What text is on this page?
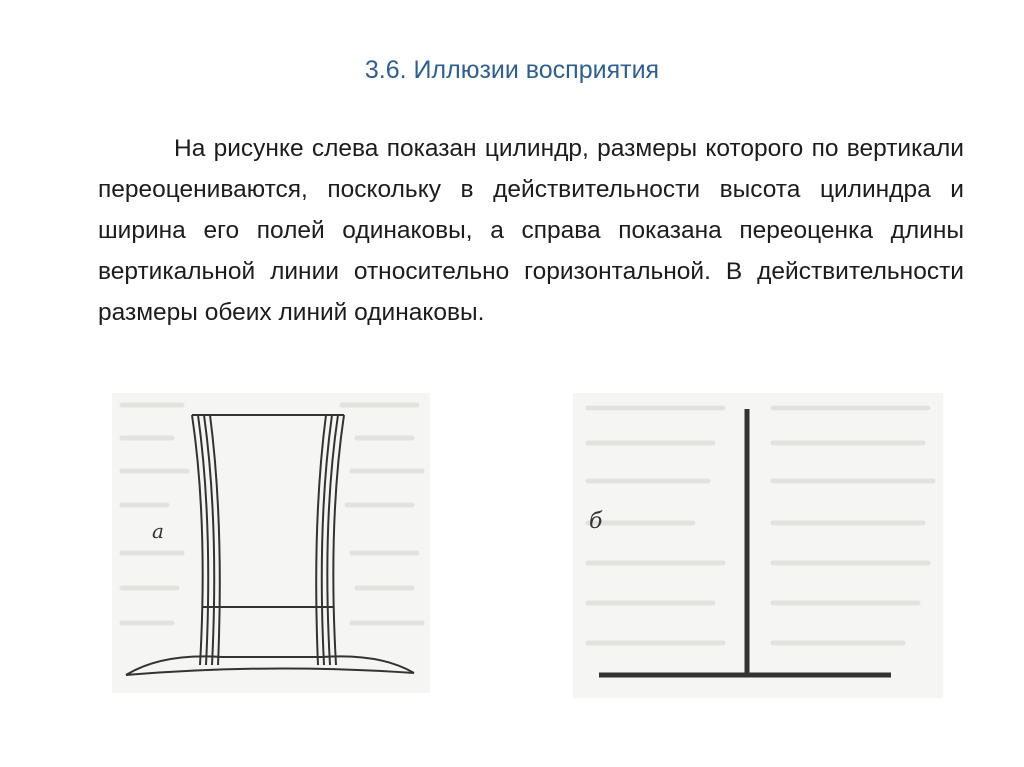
3.6. Иллюзии восприятия
На рисунке слева показан цилиндр, размеры которого по вертикали переоцениваются, поскольку в действительности высота цилиндра и ширина его полей одинаковы, а справа показана переоценка длины вертикальной линии относительно горизонтальной. В действительности размеры обеих линий одинаковы.
а	б
